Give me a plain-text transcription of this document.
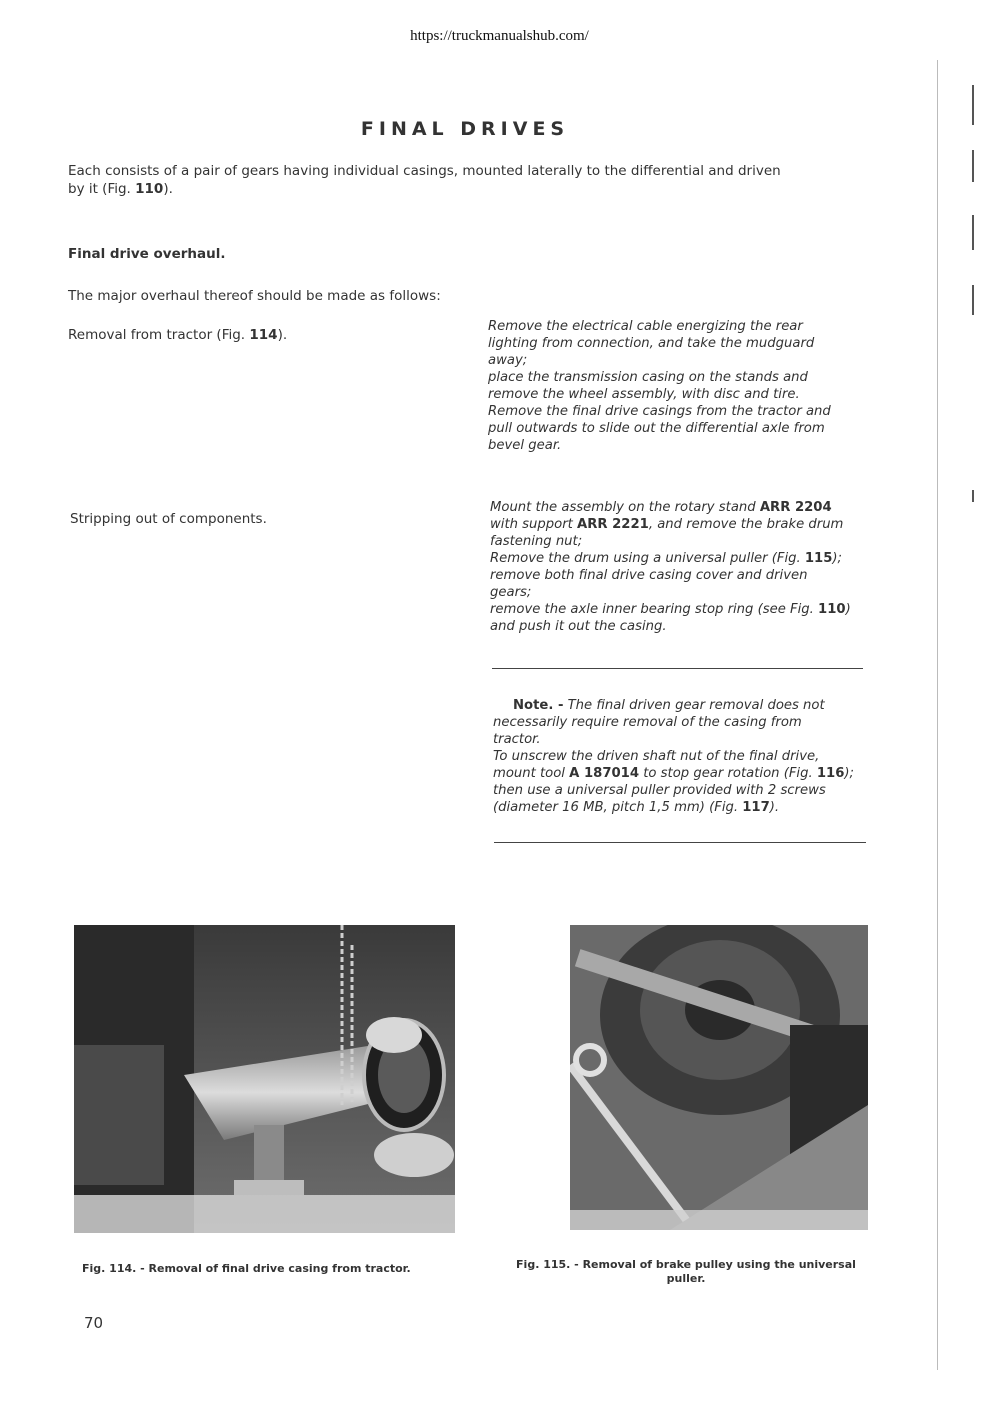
https://truckmanualshub.com/
FINAL DRIVES
Each consists of a pair of gears having individual casings, mounted laterally to the differential and driven
by it (Fig. 110).
Final drive overhaul.
The major overhaul thereof should be made as follows:
Removal from tractor (Fig. 114).
Remove the electrical cable energizing the rear
lighting from connection, and take the mudguard
away;
place the transmission casing on the stands and
remove the wheel assembly, with disc and tire.
Remove the final drive casings from the tractor and
pull outwards to slide out the differential axle from
bevel gear.
Stripping out of components.
Mount the assembly on the rotary stand ARR 2204
with support ARR 2221, and remove the brake drum
fastening nut;
Remove the drum using a universal puller (Fig. 115);
remove both final drive casing cover and driven
gears;
remove the axle inner bearing stop ring (see Fig. 110)
and push it out the casing.
Note. - The final driven gear removal does not
necessarily require removal of the casing from
tractor.
To unscrew the driven shaft nut of the final drive,
mount tool A 187014 to stop gear rotation (Fig. 116);
then use a universal puller provided with 2 screws
(diameter 16 MB, pitch 1,5 mm) (Fig. 117).
Fig. 114. - Removal of final drive casing from tractor.	Fig. 115. - Removal of brake pulley using the universal
puller.
70
